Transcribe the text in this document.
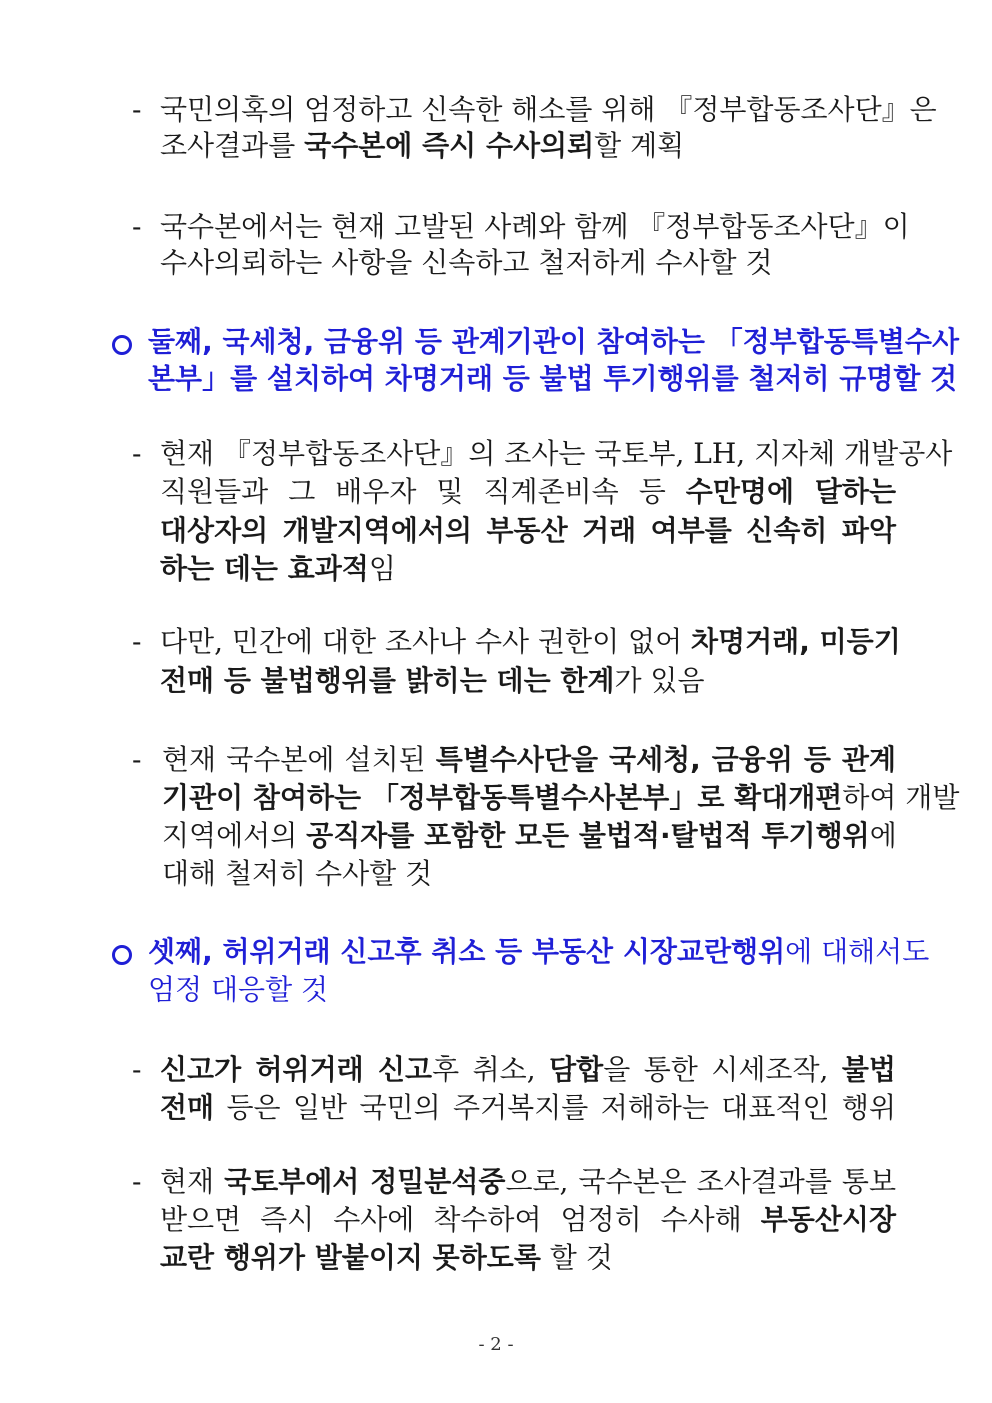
- 국민의혹의 엄정하고 신속한 해소를 위해 『정부합동조사단』은
조사결과를 국수본에 즉시 수사의뢰할 계획
- 국수본에서는 현재 고발된 사례와 함께 『정부합동조사단』이
수사의뢰하는 사항을 신속하고 철저하게 수사할 것
둘째, 국세청, 금융위 등 관계기관이 참여하는 「정부합동특별수사
본부」를 설치하여 차명거래 등 불법 투기행위를 철저히 규명할 것
- 현재 『정부합동조사단』의 조사는 국토부, LH, 지자체 개발공사
직원들과 그 배우자 및 직계존비속 등 수만명에 달하는
대상자의 개발지역에서의 부동산 거래 여부를 신속히 파악
하는 데는 효과적임
- 다만, 민간에 대한 조사나 수사 권한이 없어 차명거래, 미등기
전매 등 불법행위를 밝히는 데는 한계가 있음
- 현재 국수본에 설치된 특별수사단을 국세청, 금융위 등 관계
기관이 참여하는 「정부합동특별수사본부」로 확대개편하여 개발
지역에서의 공직자를 포함한 모든 불법적·탈법적 투기행위에
대해 철저히 수사할 것
셋째, 허위거래 신고후 취소 등 부동산 시장교란행위에 대해서도
엄정 대응할 것
- 신고가 허위거래 신고후 취소, 담합을 통한 시세조작, 불법
전매 등은 일반 국민의 주거복지를 저해하는 대표적인 행위
- 현재 국토부에서 정밀분석중으로, 국수본은 조사결과를 통보
받으면 즉시 수사에 착수하여 엄정히 수사해 부동산시장
교란 행위가 발붙이지 못하도록 할 것
- 2 -
